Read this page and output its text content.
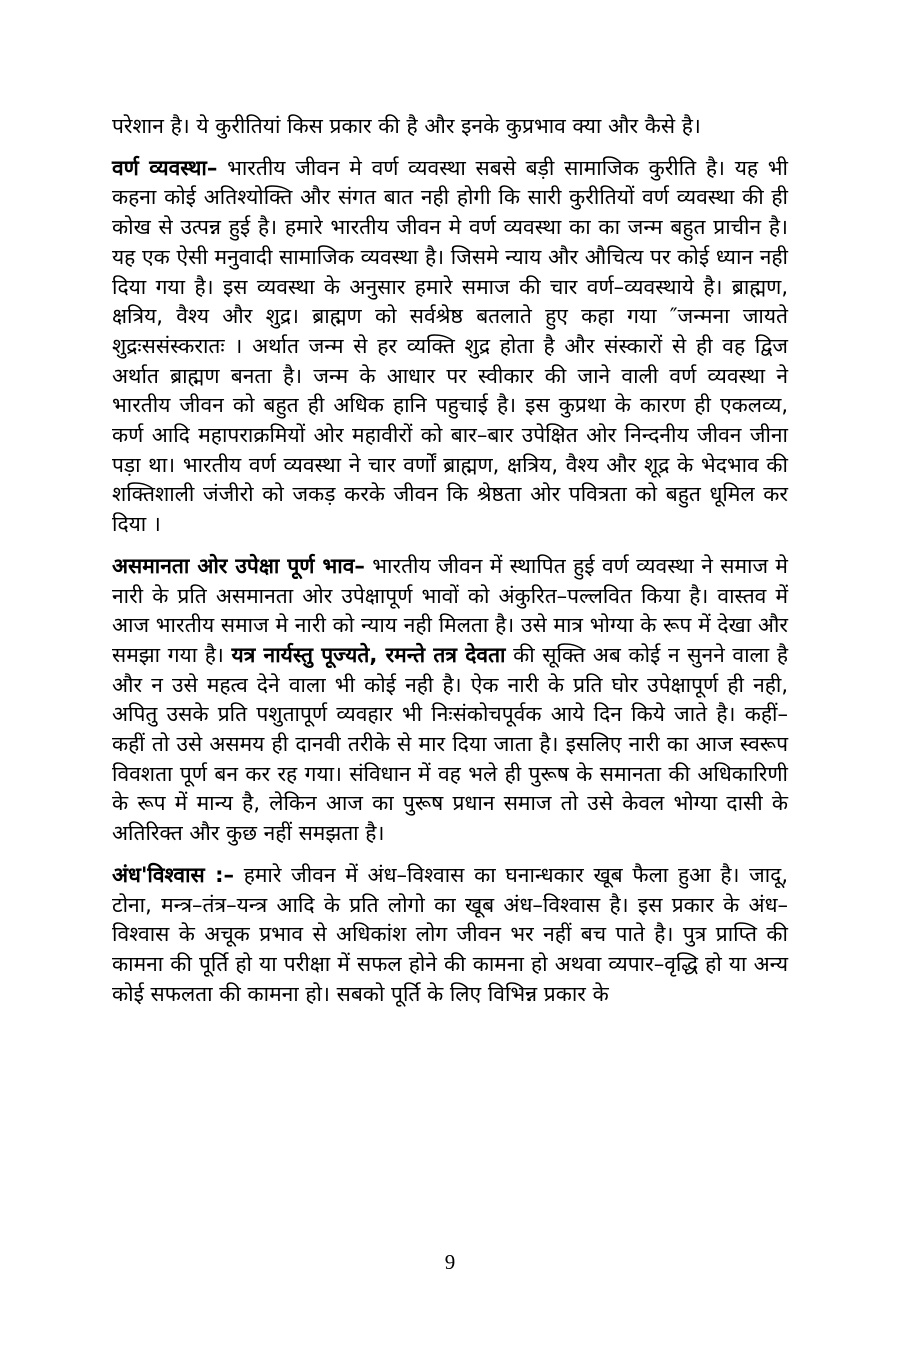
परेशान है। ये कुरीतियां किस प्रकार की है और इनके कुप्रभाव क्या और कैसे है।

वर्ण व्यवस्था– भारतीय जीवन मे वर्ण व्यवस्था सबसे बड़ी सामाजिक कुरीति है। यह भी कहना कोई अतिश्योक्ति और संगत बात नही होगी कि सारी कुरीतियों वर्ण व्यवस्था की ही कोख से उत्पन्न हुई है। हमारे भारतीय जीवन मे वर्ण व्यवस्था का का जन्म बहुत प्राचीन है। यह एक ऐसी मनुवादी सामाजिक व्यवस्था है। जिसमे न्याय और औचित्य पर कोई ध्यान नही दिया गया है। इस व्यवस्था के अनुसार हमारे समाज की चार वर्ण–व्यवस्थाये है। ब्राह्मण, क्षत्रिय, वैश्य और शुद्र। ब्राह्मण को सर्वश्रेष्ठ बतलाते हुए कहा गया ″जन्मना जायते शुद्रःससंस्करातः । अर्थात जन्म से हर व्यक्ति शुद्र होता है और संस्कारों से ही वह द्विज अर्थात ब्राह्मण बनता है। जन्म के आधार पर स्वीकार की जाने वाली वर्ण व्यवस्था ने भारतीय जीवन को बहुत ही अधिक हानि पहुचाई है। इस कुप्रथा के कारण ही एकलव्य, कर्ण आदि महापराक्रमियों ओर महावीरों को बार–बार उपेक्षित ओर निन्दनीय जीवन जीना पड़ा था। भारतीय वर्ण व्यवस्था ने चार वर्णों ब्राह्मण, क्षत्रिय, वैश्य और शूद्र के भेदभाव की शक्तिशाली जंजीरो को जकड़ करके जीवन कि श्रेष्ठता ओर पवित्रता को बहुत धूमिल कर दिया ।

असमानता ओर उपेक्षा पूर्ण भाव– भारतीय जीवन में स्थापित हुई वर्ण व्यवस्था ने समाज मे नारी के प्रति असमानता ओर उपेक्षापूर्ण भावों को अंकुरित–पल्लवित किया है। वास्तव में आज भारतीय समाज मे नारी को न्याय नही मिलता है। उसे मात्र भोग्या के रूप में देखा और समझा गया है। यत्र नार्यस्तु पूज्यते, रमन्ते तत्र देवता की सूक्ति अब कोई न सुनने वाला है और न उसे महत्व देने वाला भी कोई नही है। ऐक नारी के प्रति घोर उपेक्षापूर्ण ही नही, अपितु उसके प्रति पशुतापूर्ण व्यवहार भी निःसंकोचपूर्वक आये दिन किये जाते है। कहीं–कहीं तो उसे असमय ही दानवी तरीके से मार दिया जाता है। इसलिए नारी का आज स्वरूप विवशता पूर्ण बन कर रह गया। संविधान में वह भले ही पुरूष के समानता की अधिकारिणी के रूप में मान्य है, लेकिन आज का पुरूष प्रधान समाज तो उसे केवल भोग्या दासी के अतिरिक्त और कुछ नहीं समझता है।

अंध'विश्वास :– हमारे जीवन में अंध–विश्वास का घनान्धकार खूब फैला हुआ है। जादू, टोना, मन्त्र–तंत्र–यन्त्र आदि के प्रति लोगो का खूब अंध–विश्वास है। इस प्रकार के अंध–विश्वास के अचूक प्रभाव से अधिकांश लोग जीवन भर नहीं बच पाते है। पुत्र प्राप्ति की कामना की पूर्ति हो या परीक्षा में सफल होने की कामना हो अथवा व्यपार–वृद्धि हो या अन्य कोई सफलता की कामना हो। सबको पूर्ति के लिए विभिन्न प्रकार के

9
